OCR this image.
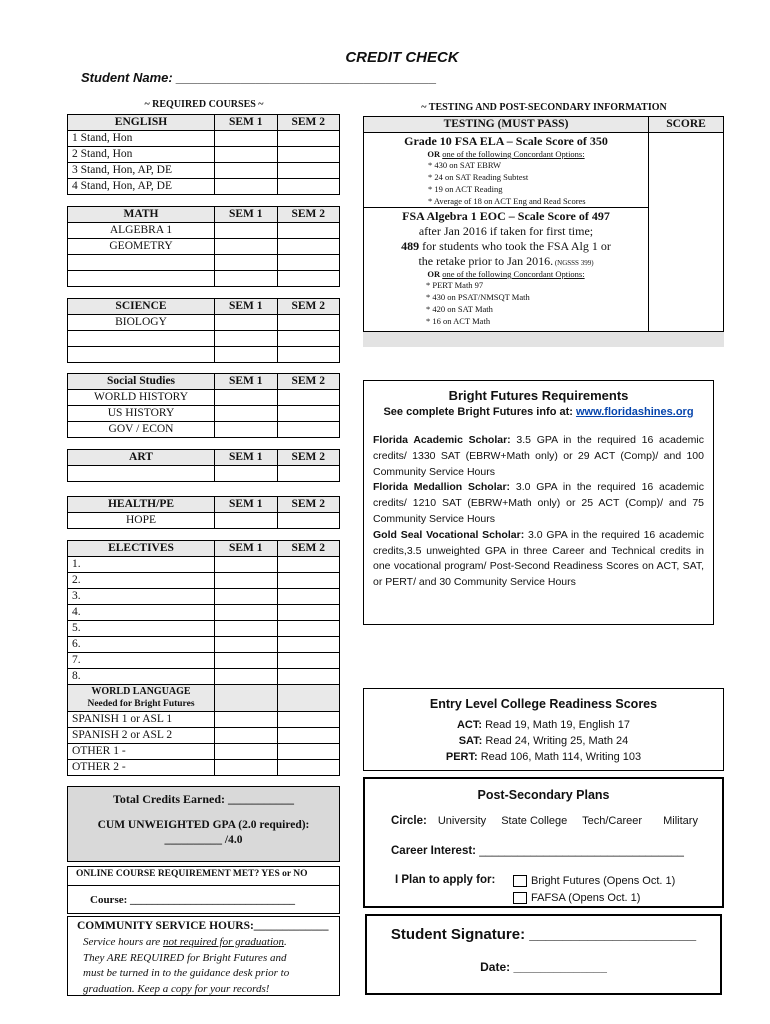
CREDIT CHECK
Student Name: ____________________________________
~ REQUIRED COURSES ~
ENGLISH	SEM 1	SEM 2
1 Stand, Hon		
2 Stand, Hon		
3 Stand, Hon, AP, DE		
4 Stand, Hon, AP, DE		
MATH	SEM 1	SEM 2
ALGEBRA 1		
GEOMETRY		

SCIENCE	SEM 1	SEM 2
BIOLOGY		

Social Studies	SEM 1	SEM 2
WORLD HISTORY		
US HISTORY		
GOV / ECON		
ART	SEM 1	SEM 2

HEALTH/PE	SEM 1	SEM 2
HOPE		
ELECTIVES	SEM 1	SEM 2
1.		
2.		
3.		
4.		
5.		
6.		
7.		
8.		

WORLD LANGUAGE
Needed for Bright Futures		

SPANISH 1 or ASL 1		
SPANISH 2 or ASL 2		
OTHER 1 -		
OTHER 2 -		
Total Credits Earned: ___________
CUM UNWEIGHTED GPA (2.0 required):
__________ /4.0
ONLINE COURSE REQUIREMENT MET? YES or NO
Course: ______________________________
COMMUNITY SERVICE HOURS:_____________
Service hours are not required for graduation.
They ARE REQUIRED for Bright Futures and
must be turned in to the guidance desk prior to
graduation. Keep a copy for your records!
~ TESTING AND POST-SECONDARY INFORMATION
TESTING (MUST PASS)	SCORE
Grade 10 FSA ELA – Scale Score of 350
OR one of the following Concordant Options:
* 430 on SAT EBRW
* 24 on SAT Reading Subtest
* 19 on ACT Reading
* Average of 18 on ACT Eng and Read Scores
FSA Algebra 1 EOC – Scale Score of 497
after Jan 2016 if taken for first time;
489 for students who took the FSA Alg 1 or
the retake prior to Jan 2016. (NGSSS 399)
OR one of the following Concordant Options:
* PERT Math 97
* 430 on PSAT/NMSQT Math
* 420 on SAT Math
* 16 on ACT Math
Bright Futures Requirements
See complete Bright Futures info at: www.floridashines.org
Florida Academic Scholar: 3.5 GPA in the required 16 academic credits/ 1330 SAT (EBRW+Math only) or 29 ACT (Comp)/ and 100 Community Service Hours
Florida Medallion Scholar: 3.0 GPA in the required 16 academic credits/ 1210 SAT (EBRW+Math only) or 25 ACT (Comp)/ and 75 Community Service Hours
Gold Seal Vocational Scholar: 3.0 GPA in the required 16 academic credits,3.5 unweighted GPA in three Career and Technical credits in one vocational program/ Post-Second Readiness Scores on ACT, SAT, or PERT/ and 30 Community Service Hours
Entry Level College Readiness Scores
ACT: Read 19, Math 19, English 17
SAT: Read 24, Writing 25, Math 24
PERT: Read 106, Math 114, Writing 103
Post-Secondary Plans
Circle: University State College Tech/Career Military
Career Interest: ________________________________
I Plan to apply for:	Bright Futures (Opens Oct. 1)
FAFSA (Opens Oct. 1)
Student Signature: ____________________
Date: ______________
